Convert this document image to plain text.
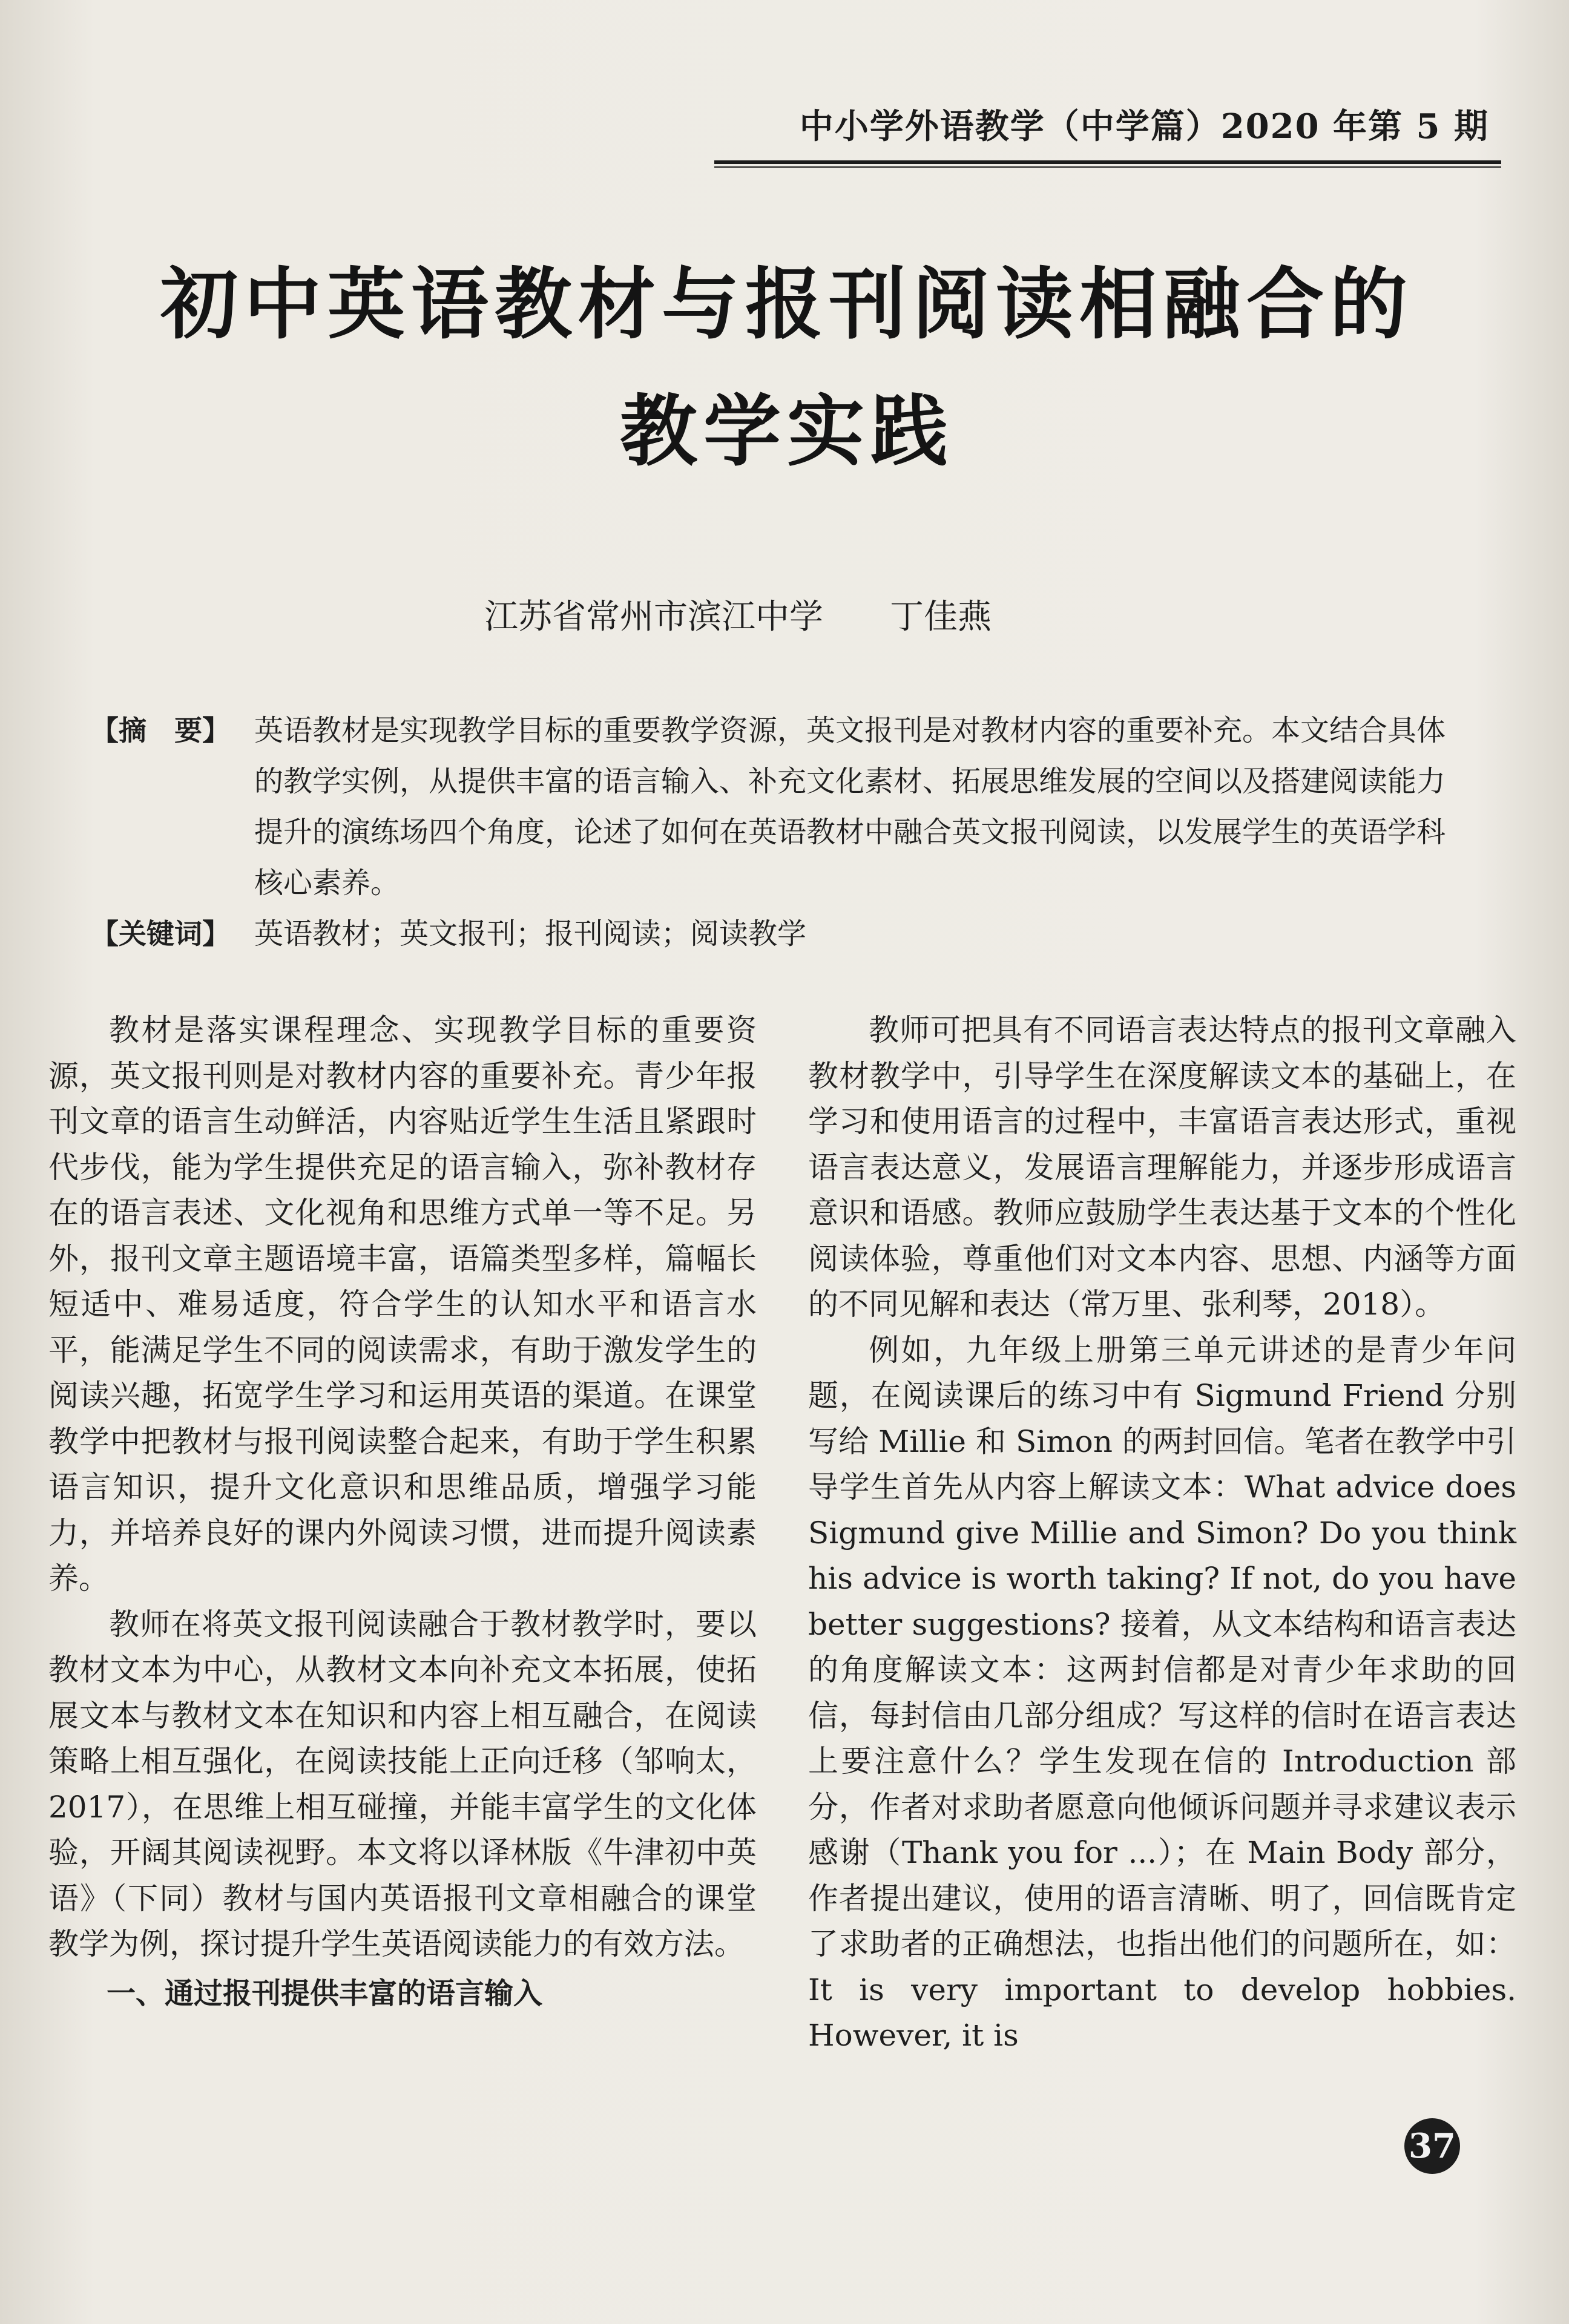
中小学外语教学（中学篇）2020 年第 5 期
初中英语教材与报刊阅读相融合的
教学实践
江苏省常州市滨江中学 丁佳燕
【摘　要】 英语教材是实现教学目标的重要教学资源，英文报刊是对教材内容的重要补充。本文结合具体的教学实例，从提供丰富的语言输入、补充文化素材、拓展思维发展的空间以及搭建阅读能力提升的演练场四个角度，论述了如何在英语教材中融合英文报刊阅读，以发展学生的英语学科核心素养。
【关键词】 英语教材；英文报刊；报刊阅读；阅读教学

教材是落实课程理念、实现教学目标的重要资源，英文报刊则是对教材内容的重要补充。青少年报刊文章的语言生动鲜活，内容贴近学生生活且紧跟时代步伐，能为学生提供充足的语言输入，弥补教材存在的语言表述、文化视角和思维方式单一等不足。另外，报刊文章主题语境丰富，语篇类型多样，篇幅长短适中、难易适度，符合学生的认知水平和语言水平，能满足学生不同的阅读需求，有助于激发学生的阅读兴趣，拓宽学生学习和运用英语的渠道。在课堂教学中把教材与报刊阅读整合起来，有助于学生积累语言知识，提升文化意识和思维品质，增强学习能力，并培养良好的课内外阅读习惯，进而提升阅读素养。

教师在将英文报刊阅读融合于教材教学时，要以教材文本为中心，从教材文本向补充文本拓展，使拓展文本与教材文本在知识和内容上相互融合，在阅读策略上相互强化，在阅读技能上正向迁移（邹响太，2017），在思维上相互碰撞，并能丰富学生的文化体验，开阔其阅读视野。本文将以译林版《牛津初中英语》（下同）教材与国内英语报刊文章相融合的课堂教学为例，探讨提升学生英语阅读能力的有效方法。

一、通过报刊提供丰富的语言输入

教师可把具有不同语言表达特点的报刊文章融入教材教学中，引导学生在深度解读文本的基础上，在学习和使用语言的过程中，丰富语言表达形式，重视语言表达意义，发展语言理解能力，并逐步形成语言意识和语感。教师应鼓励学生表达基于文本的个性化阅读体验，尊重他们对文本内容、思想、内涵等方面的不同见解和表达（常万里、张利琴，2018）。

例如，九年级上册第三单元讲述的是青少年问题，在阅读课后的练习中有 Sigmund Friend 分别写给 Millie 和 Simon 的两封回信。笔者在教学中引导学生首先从内容上解读文本：What advice does Sigmund give Millie and Simon? Do you think his advice is worth taking? If not, do you have better suggestions? 接着，从文本结构和语言表达的角度解读文本：这两封信都是对青少年求助的回信，每封信由几部分组成？写这样的信时在语言表达上要注意什么？学生发现在信的 Introduction 部分，作者对求助者愿意向他倾诉问题并寻求建议表示感谢（Thank you for ...）；在 Main Body 部分，作者提出建议，使用的语言清晰、明了，回信既肯定了求助者的正确想法，也指出他们的问题所在，如：It is very important to develop hobbies. However, it is

37
